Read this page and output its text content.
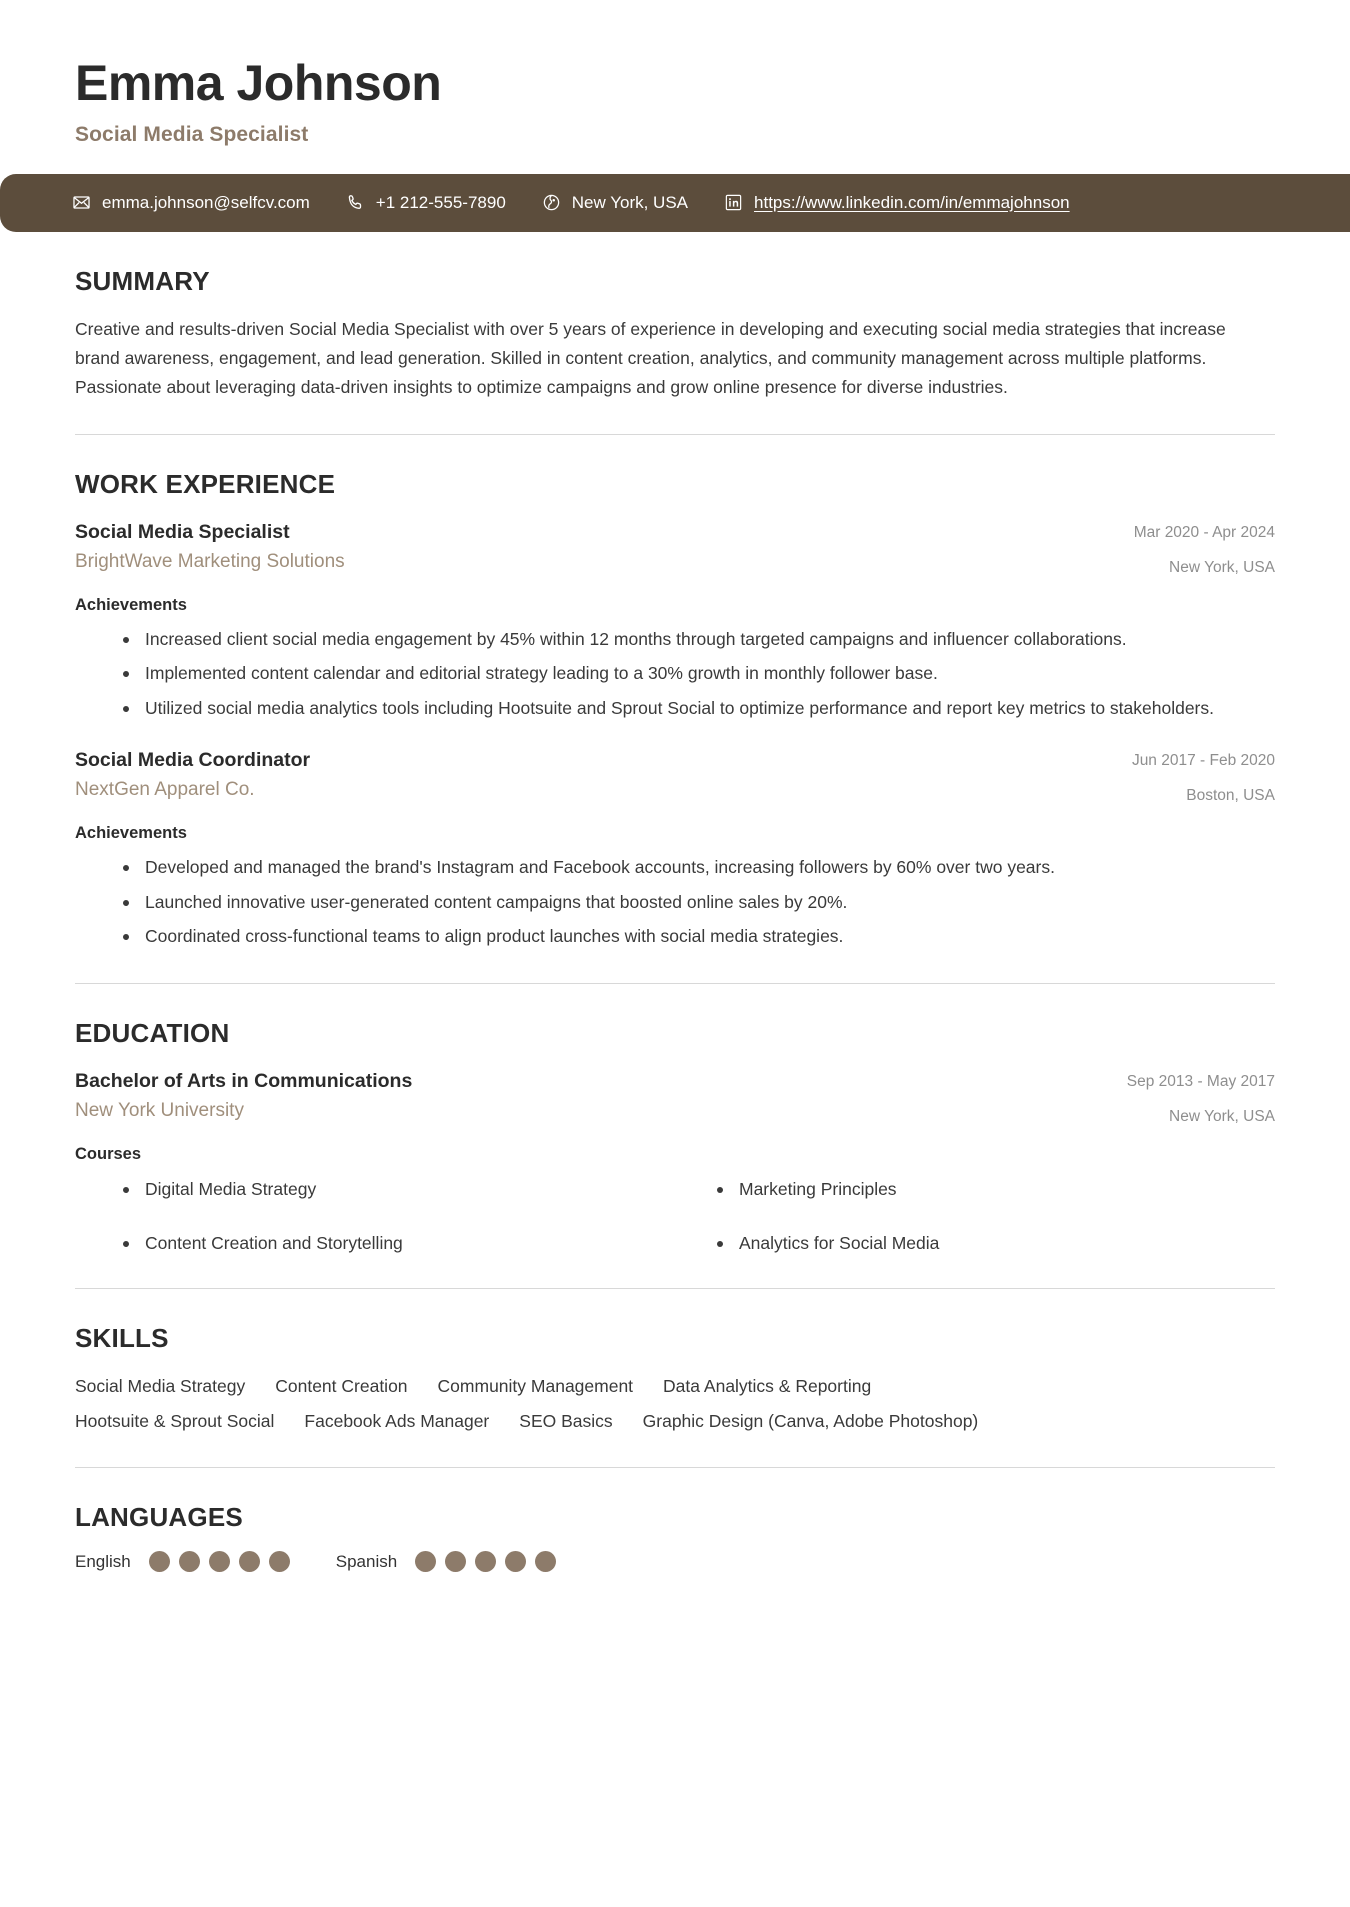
Emma Johnson
Social Media Specialist
emma.johnson@selfcv.com	+1 212-555-7890	New York, USA	https://www.linkedin.com/in/emmajohnson
SUMMARY
Creative and results-driven Social Media Specialist with over 5 years of experience in developing and executing social media strategies that increase brand awareness, engagement, and lead generation. Skilled in content creation, analytics, and community management across multiple platforms. Passionate about leveraging data-driven insights to optimize campaigns and grow online presence for diverse industries.
WORK EXPERIENCE
Social Media Specialist
BrightWave Marketing Solutions
Mar 2020 - Apr 2024
New York, USA
Achievements
Increased client social media engagement by 45% within 12 months through targeted campaigns and influencer collaborations.
Implemented content calendar and editorial strategy leading to a 30% growth in monthly follower base.
Utilized social media analytics tools including Hootsuite and Sprout Social to optimize performance and report key metrics to stakeholders.
Social Media Coordinator
NextGen Apparel Co.
Jun 2017 - Feb 2020
Boston, USA
Achievements
Developed and managed the brand's Instagram and Facebook accounts, increasing followers by 60% over two years.
Launched innovative user-generated content campaigns that boosted online sales by 20%.
Coordinated cross-functional teams to align product launches with social media strategies.
EDUCATION
Bachelor of Arts in Communications
New York University
Sep 2013 - May 2017
New York, USA
Courses
Digital Media Strategy	Marketing Principles
Content Creation and Storytelling	Analytics for Social Media
SKILLS
Social Media Strategy Content Creation Community Management Data Analytics & Reporting
Hootsuite & Sprout Social Facebook Ads Manager SEO Basics Graphic Design (Canva, Adobe Photoshop)
LANGUAGES
English	Spanish
